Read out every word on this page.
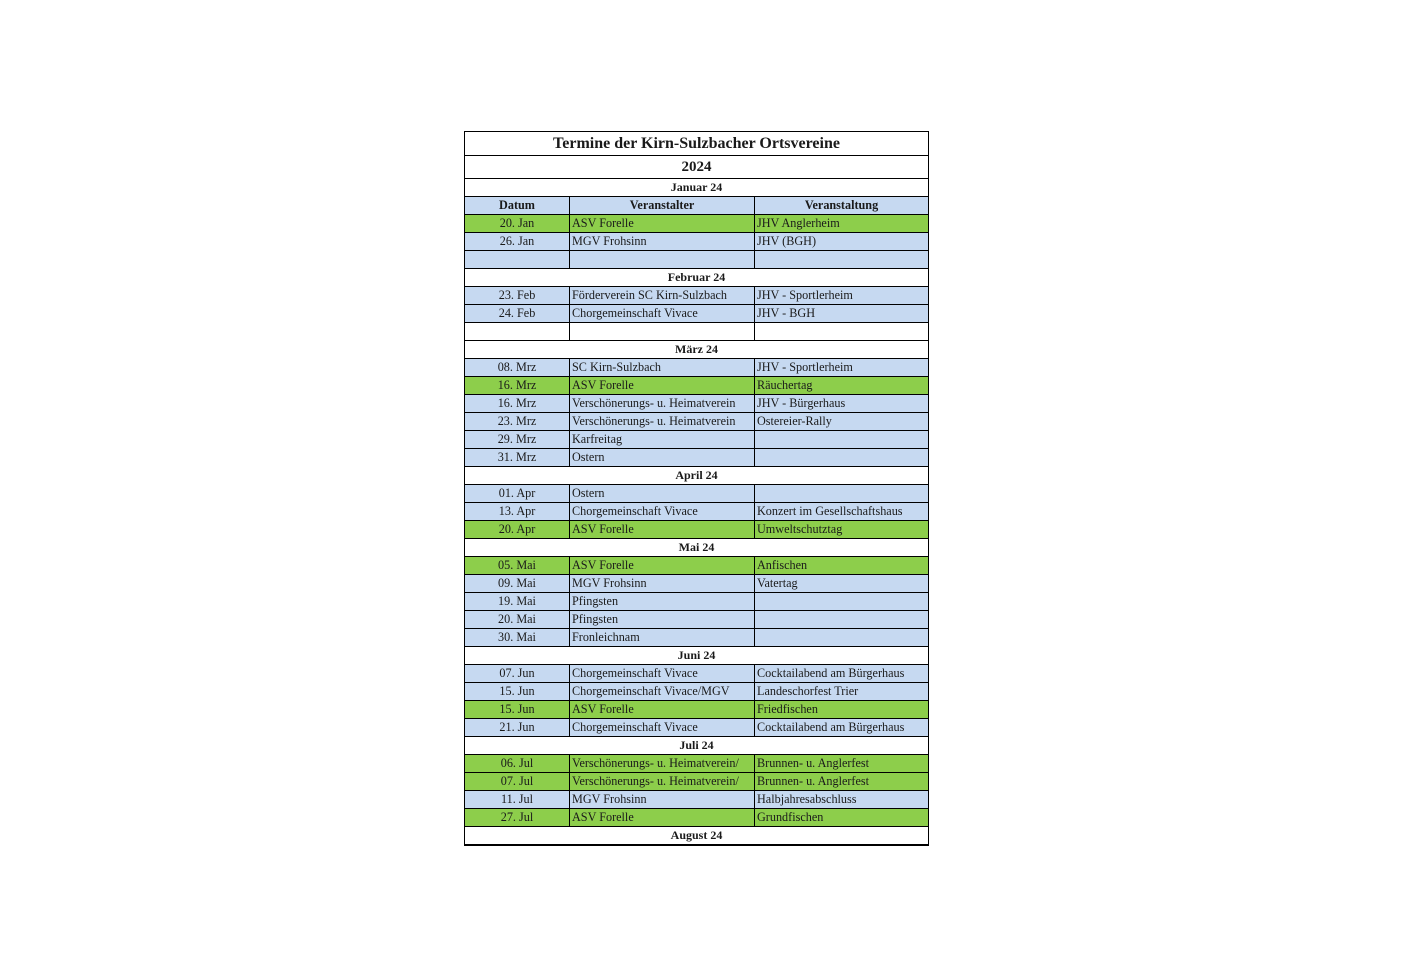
Termine der Kirn-Sulzbacher Ortsvereine
2024
Januar 24
Datum	Veranstalter	Veranstaltung
20. Jan	ASV Forelle	JHV Anglerheim
26. Jan	MGV Frohsinn	JHV (BGH)
Februar 24
23. Feb	Förderverein SC Kirn-Sulzbach	JHV - Sportlerheim
24. Feb	Chorgemeinschaft Vivace	JHV - BGH
März 24
08. Mrz	SC Kirn-Sulzbach	JHV - Sportlerheim
16. Mrz	ASV Forelle	Räuchertag
16. Mrz	Verschönerungs- u. Heimatverein	JHV - Bürgerhaus
23. Mrz	Verschönerungs- u. Heimatverein	Ostereier-Rally
29. Mrz	Karfreitag
31. Mrz	Ostern
April 24
01. Apr	Ostern
13. Apr	Chorgemeinschaft Vivace	Konzert im Gesellschaftshaus
20. Apr	ASV Forelle	Umweltschutztag
Mai 24
05. Mai	ASV Forelle	Anfischen
09. Mai	MGV Frohsinn	Vatertag
19. Mai	Pfingsten
20. Mai	Pfingsten
30. Mai	Fronleichnam
Juni 24
07. Jun	Chorgemeinschaft Vivace	Cocktailabend am Bürgerhaus
15. Jun	Chorgemeinschaft Vivace/MGV	Landeschorfest Trier
15. Jun	ASV Forelle	Friedfischen
21. Jun	Chorgemeinschaft Vivace	Cocktailabend am Bürgerhaus
Juli 24
06. Jul	Verschönerungs- u. Heimatverein/	Brunnen- u. Anglerfest
07. Jul	Verschönerungs- u. Heimatverein/	Brunnen- u. Anglerfest
11. Jul	MGV Frohsinn	Halbjahresabschluss
27. Jul	ASV Forelle	Grundfischen
August 24
